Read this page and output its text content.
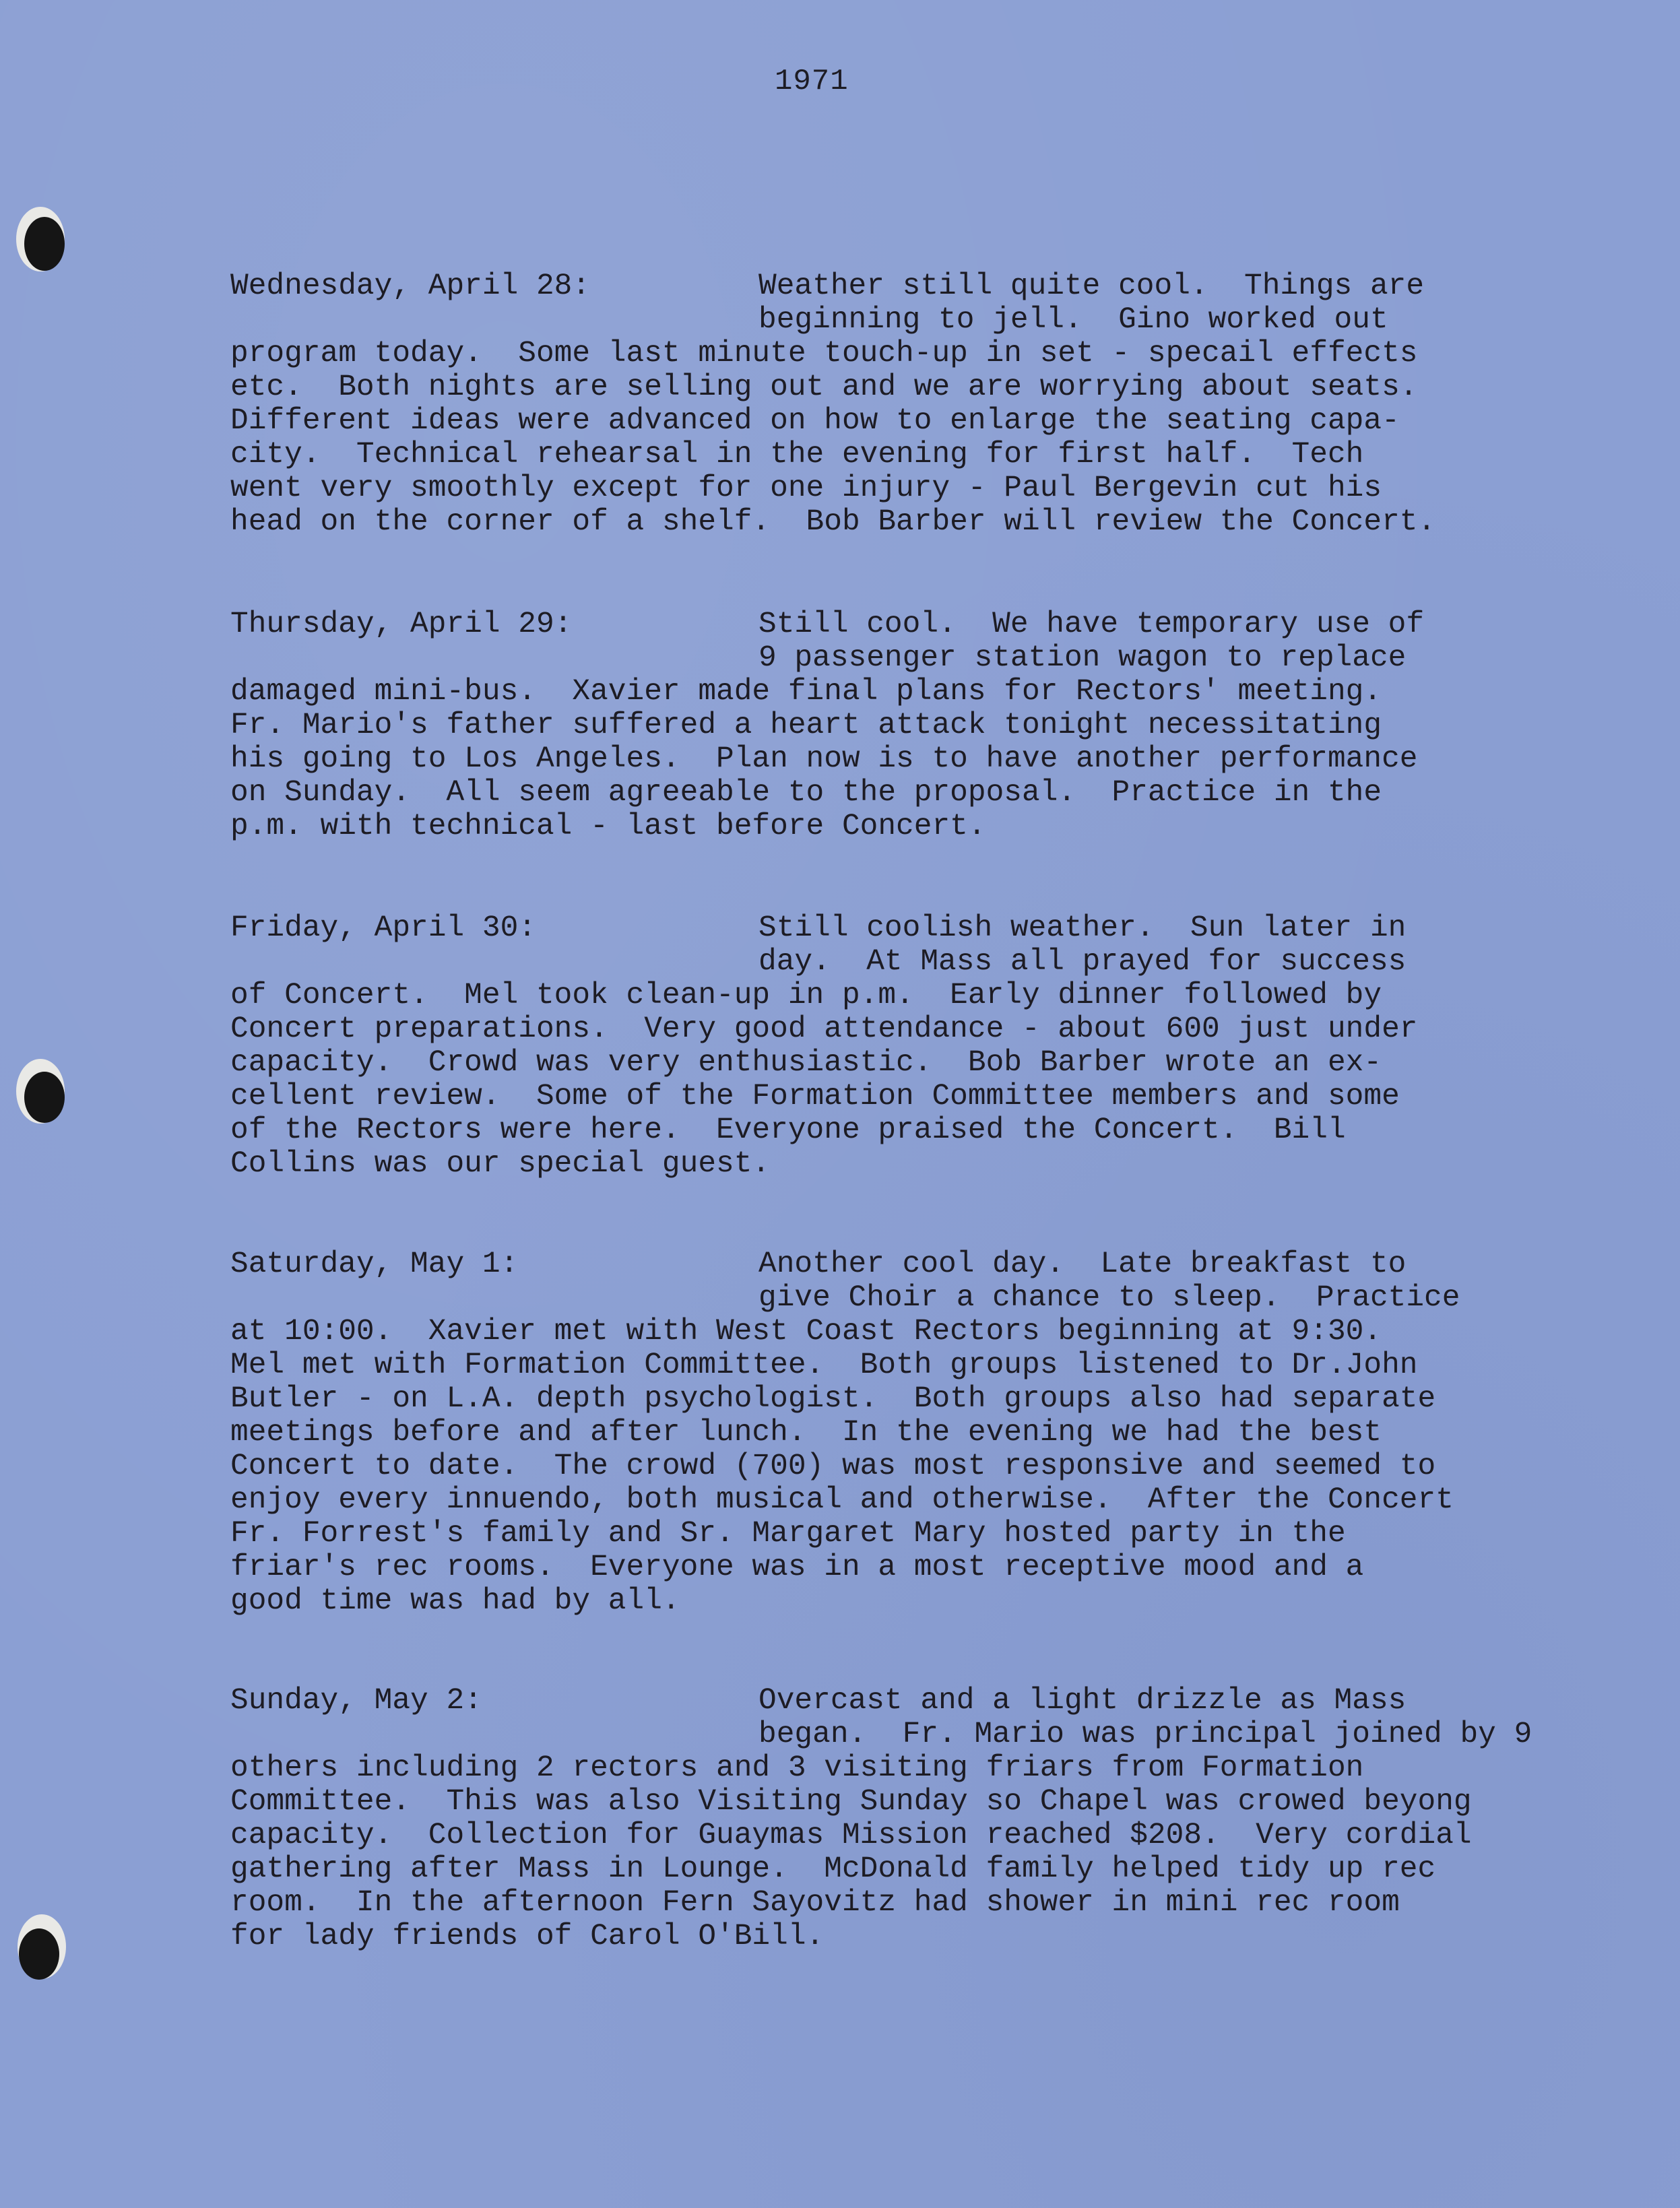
1971
Wednesday, April 28:	Weather still quite cool.  Things are
beginning to jell.  Gino worked out
program today.  Some last minute touch-up in set - specail effects
etc.  Both nights are selling out and we are worrying about seats.
Different ideas were advanced on how to enlarge the seating capa-
city.  Technical rehearsal in the evening for first half.  Tech
went very smoothly except for one injury - Paul Bergevin cut his
head on the corner of a shelf.  Bob Barber will review the Concert.
Thursday, April 29:	Still cool.  We have temporary use of
9 passenger station wagon to replace
damaged mini-bus.  Xavier made final plans for Rectors' meeting.
Fr. Mario's father suffered a heart attack tonight necessitating
his going to Los Angeles.  Plan now is to have another performance
on Sunday.  All seem agreeable to the proposal.  Practice in the
p.m. with technical - last before Concert.
Friday, April 30:	Still coolish weather.  Sun later in
day.  At Mass all prayed for success
of Concert.  Mel took clean-up in p.m.  Early dinner followed by
Concert preparations.  Very good attendance - about 600 just under
capacity.  Crowd was very enthusiastic.  Bob Barber wrote an ex-
cellent review.  Some of the Formation Committee members and some
of the Rectors were here.  Everyone praised the Concert.  Bill
Collins was our special guest.
Saturday, May 1:	Another cool day.  Late breakfast to
give Choir a chance to sleep.  Practice
at 10:00.  Xavier met with West Coast Rectors beginning at 9:30.
Mel met with Formation Committee.  Both groups listened to Dr.John
Butler - on L.A. depth psychologist.  Both groups also had separate
meetings before and after lunch.  In the evening we had the best
Concert to date.  The crowd (700) was most responsive and seemed to
enjoy every innuendo, both musical and otherwise.  After the Concert
Fr. Forrest's family and Sr. Margaret Mary hosted party in the
friar's rec rooms.  Everyone was in a most receptive mood and a
good time was had by all.
Sunday, May 2:	Overcast and a light drizzle as Mass
began.  Fr. Mario was principal joined by 9
others including 2 rectors and 3 visiting friars from Formation
Committee.  This was also Visiting Sunday so Chapel was crowed beyong
capacity.  Collection for Guaymas Mission reached $208.  Very cordial
gathering after Mass in Lounge.  McDonald family helped tidy up rec
room.  In the afternoon Fern Sayovitz had shower in mini rec room
for lady friends of Carol O'Bill.
